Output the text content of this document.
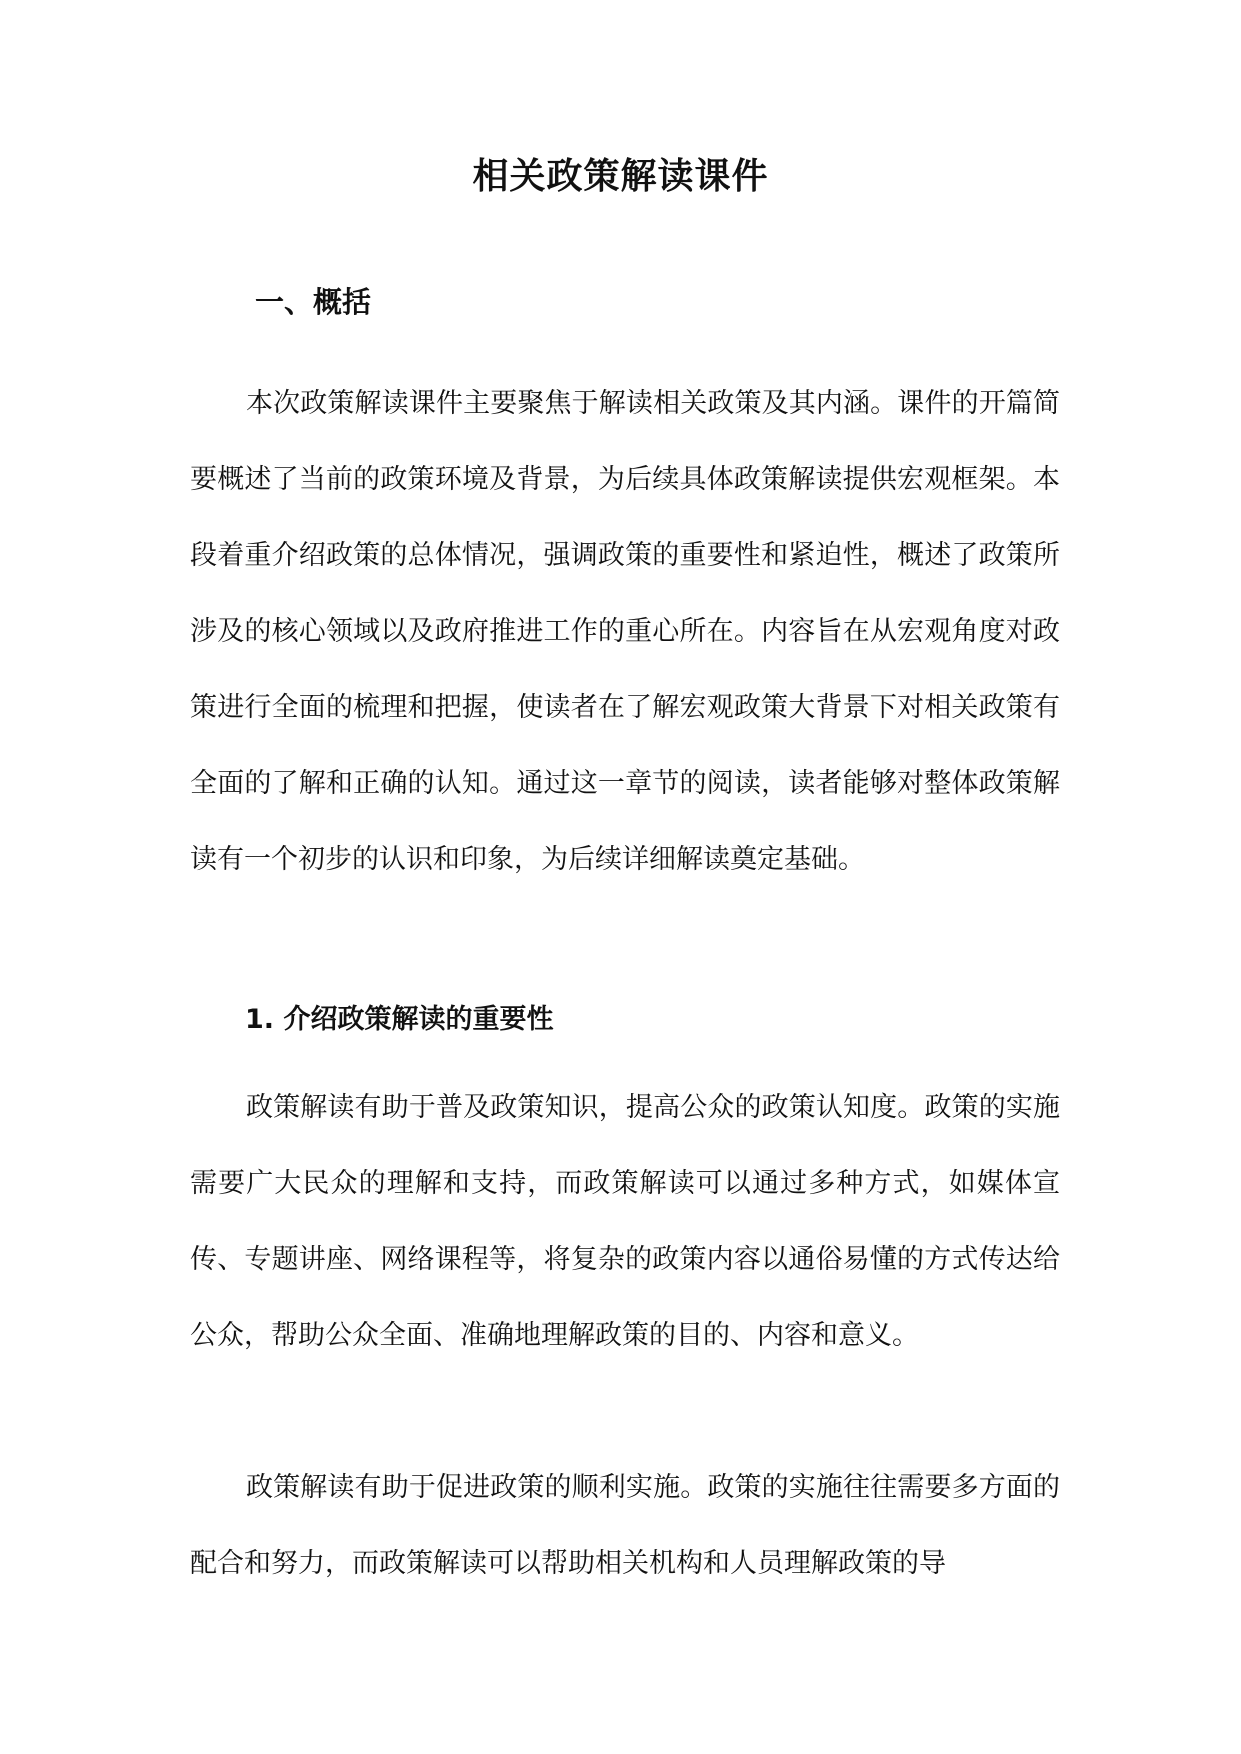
相关政策解读课件
一、概括

本次政策解读课件主要聚焦于解读相关政策及其内涵。课件的开篇简要概述了当前的政策环境及背景，为后续具体政策解读提供宏观框架。本段着重介绍政策的总体情况，强调政策的重要性和紧迫性，概述了政策所涉及的核心领域以及政府推进工作的重心所在。内容旨在从宏观角度对政策进行全面的梳理和把握，使读者在了解宏观政策大背景下对相关政策有全面的了解和正确的认知。通过这一章节的阅读，读者能够对整体政策解读有一个初步的认识和印象，为后续详细解读奠定基础。

1. 介绍政策解读的重要性

政策解读有助于普及政策知识，提高公众的政策认知度。政策的实施需要广大民众的理解和支持，而政策解读可以通过多种方式，如媒体宣传、专题讲座、网络课程等，将复杂的政策内容以通俗易懂的方式传达给公众，帮助公众全面、准确地理解政策的目的、内容和意义。

政策解读有助于促进政策的顺利实施。政策的实施往往需要多方面的配合和努力，而政策解读可以帮助相关机构和人员理解政策的导
